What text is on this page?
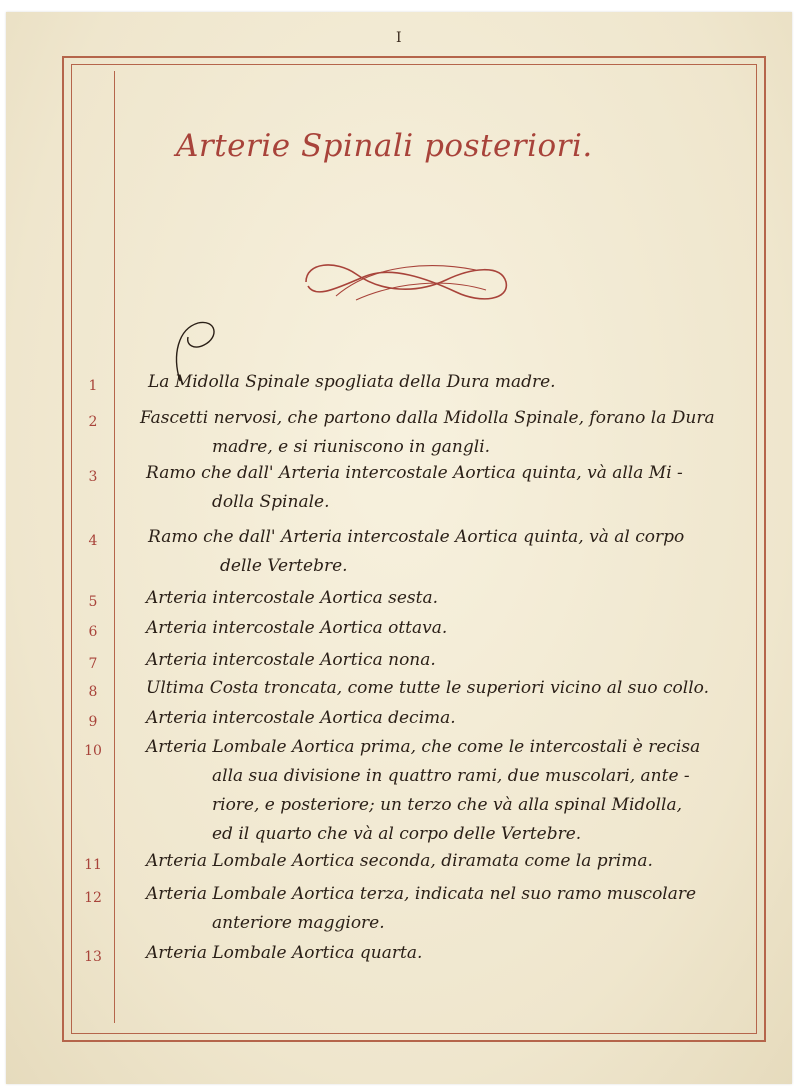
I
Arterie Spinali posteriori.
1	La Midolla Spinale spogliata della Dura madre.
2	Fascetti nervosi, che partono dalla Midolla Spinale, forano la Dura
madre, e si riuniscono in gangli.
3	Ramo che dall' Arteria intercostale Aortica quinta, và alla Mi -
dolla Spinale.
4	Ramo che dall' Arteria intercostale Aortica quinta, và al corpo
delle Vertebre.
5	Arteria intercostale Aortica sesta.
6	Arteria intercostale Aortica ottava.
7	Arteria intercostale Aortica nona.
8	Ultima Costa troncata, come tutte le superiori vicino al suo collo.
9	Arteria intercostale Aortica decima.
10	Arteria Lombale Aortica prima, che come le intercostali è recisa
alla sua divisione in quattro rami, due muscolari, ante -
riore, e posteriore; un terzo che và alla spinal Midolla,
ed il quarto che và al corpo delle Vertebre.
11	Arteria Lombale Aortica seconda, diramata come la prima.
12	Arteria Lombale Aortica terza, indicata nel suo ramo muscolare
anteriore maggiore.
13	Arteria Lombale Aortica quarta.
